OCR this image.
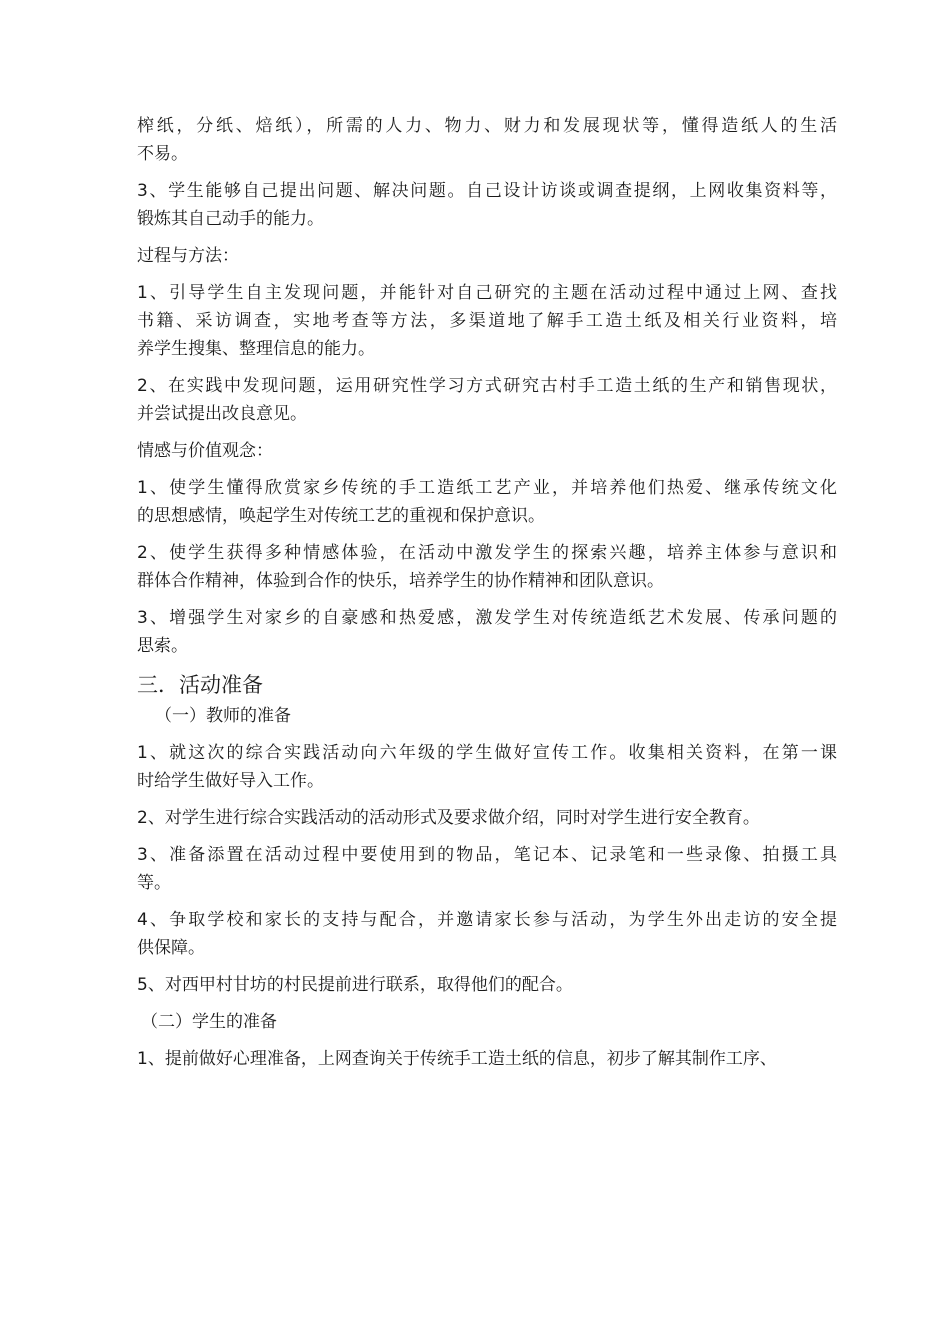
榨纸，分纸、焙纸），所需的人力、物力、财力和发展现状等，懂得造纸人的生活
不易。
3、学生能够自己提出问题、解决问题。自己设计访谈或调查提纲，上网收集资料等，
锻炼其自己动手的能力。
过程与方法：
1、引导学生自主发现问题，并能针对自己研究的主题在活动过程中通过上网、查找
书籍、采访调查，实地考查等方法，多渠道地了解手工造土纸及相关行业资料，培
养学生搜集、整理信息的能力。
2、在实践中发现问题，运用研究性学习方式研究古村手工造土纸的生产和销售现状，
并尝试提出改良意见。
情感与价值观念：
1、使学生懂得欣赏家乡传统的手工造纸工艺产业，并培养他们热爱、继承传统文化
的思想感情，唤起学生对传统工艺的重视和保护意识。
2、使学生获得多种情感体验，在活动中激发学生的探索兴趣，培养主体参与意识和
群体合作精神，体验到合作的快乐，培养学生的协作精神和团队意识。
3、增强学生对家乡的自豪感和热爱感，激发学生对传统造纸艺术发展、传承问题的
思索。
三．活动准备
（一）教师的准备
1、就这次的综合实践活动向六年级的学生做好宣传工作。收集相关资料，在第一课
时给学生做好导入工作。
2、对学生进行综合实践活动的活动形式及要求做介绍，同时对学生进行安全教育。
3、准备添置在活动过程中要使用到的物品，笔记本、记录笔和一些录像、拍摄工具
等。
4、争取学校和家长的支持与配合，并邀请家长参与活动，为学生外出走访的安全提
供保障。
5、对西甲村甘坊的村民提前进行联系，取得他们的配合。
（二）学生的准备
1、提前做好心理准备，上网查询关于传统手工造土纸的信息，初步了解其制作工序、
